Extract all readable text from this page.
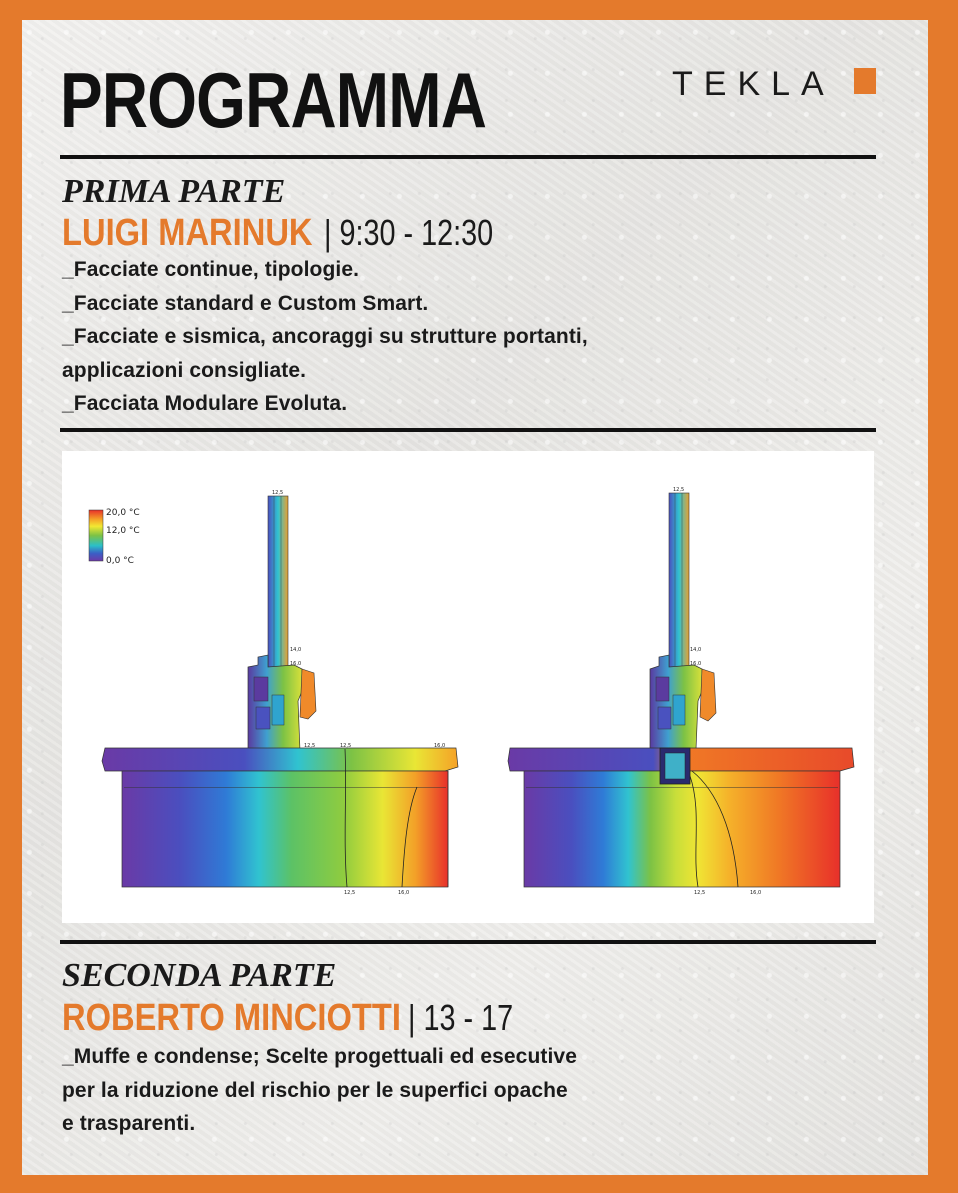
PROGRAMMA	TEKLA
PRIMA PARTE
LUIGI MARINUK | 9:30 - 12:30
_Facciate continue, tipologie.
_Facciate standard e Custom Smart.
_Facciate e sismica, ancoraggi su strutture portanti,
applicazioni consigliate.
_Facciata Modulare Evoluta.
20,0 °C
12,0 °C
0,0 °C
12,5
14,0
16,0
12,5	12,5	16,0
12,5	16,0
12,5
14,0
16,0
12,5	16,0
SECONDA PARTE
ROBERTO MINCIOTTI | 13 - 17
_Muffe e condense; Scelte progettuali ed esecutive
per la riduzione del rischio per le superfici opache
e trasparenti.
